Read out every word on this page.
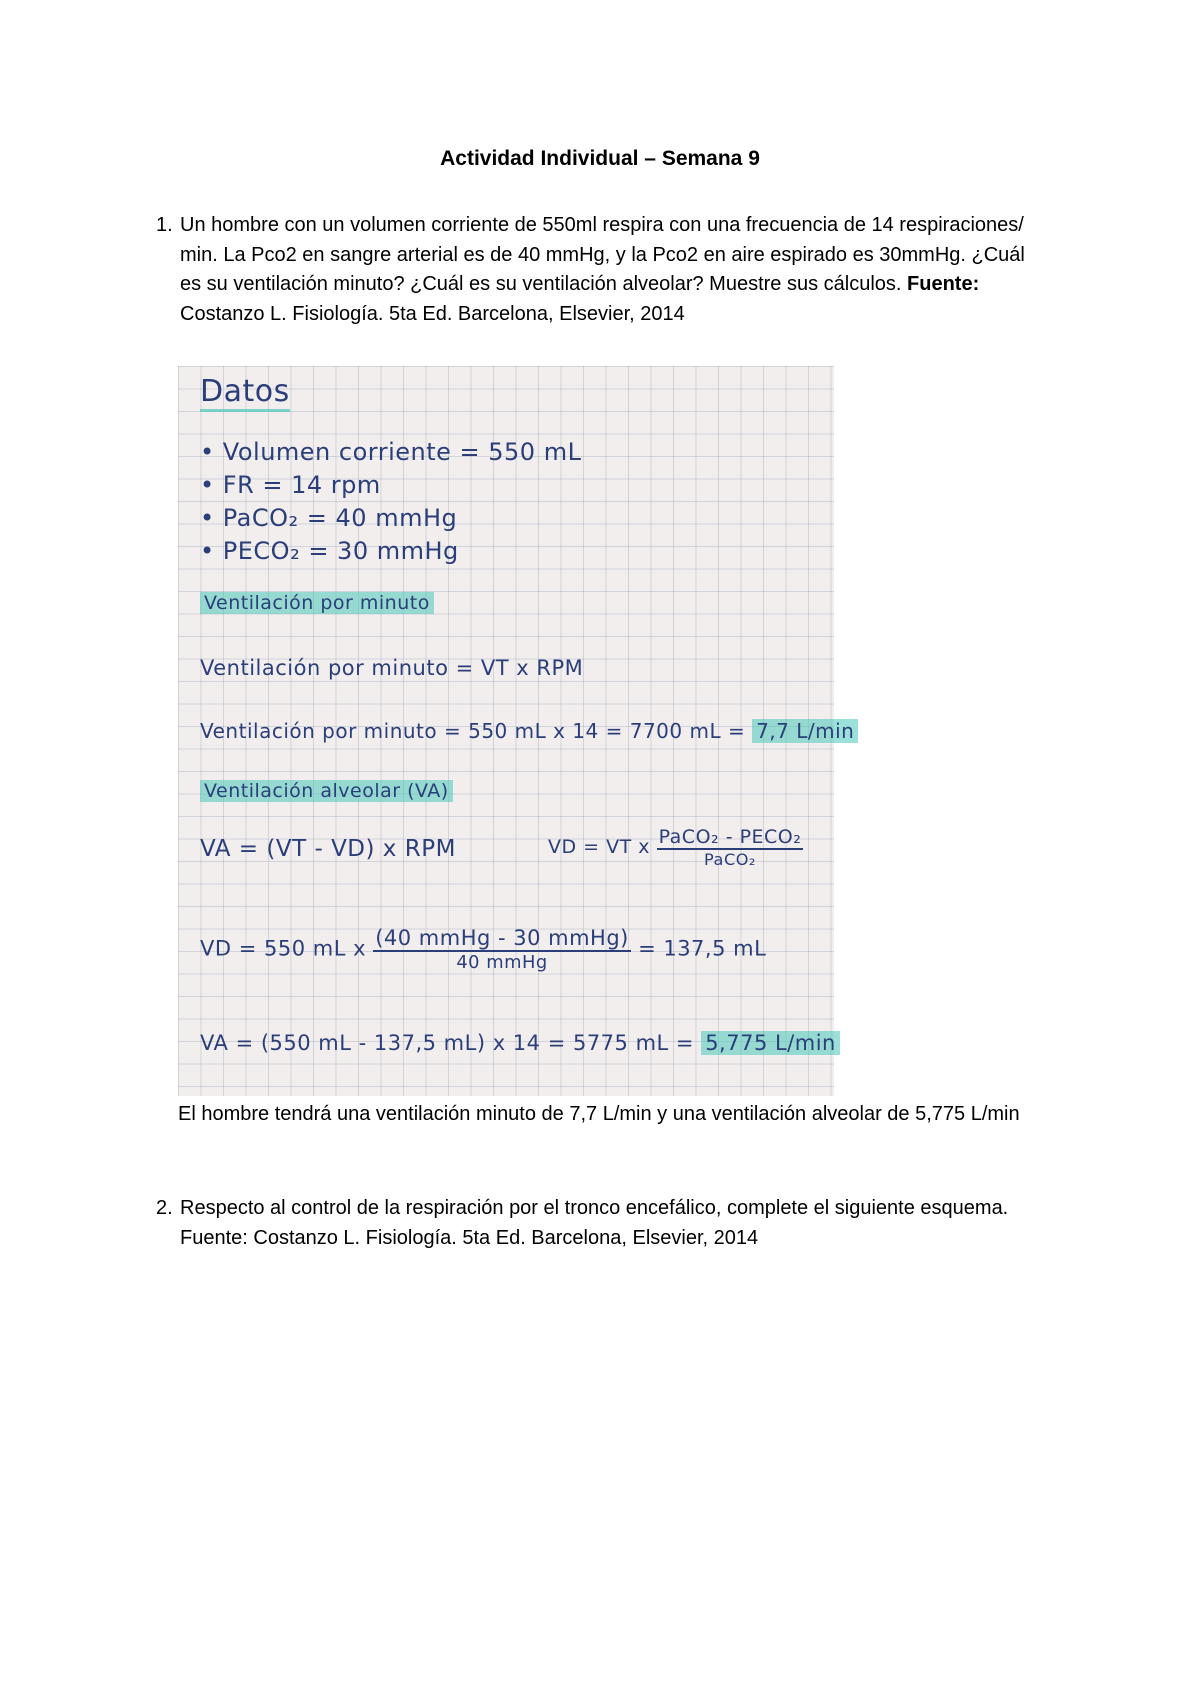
Actividad Individual – Semana 9
1. Un hombre con un volumen corriente de 550ml respira con una frecuencia de 14 respiraciones/ min. La Pco2 en sangre arterial es de 40 mmHg, y la Pco2 en aire espirado es 30mmHg. ¿Cuál es su ventilación minuto? ¿Cuál es su ventilación alveolar? Muestre sus cálculos. Fuente: Costanzo L. Fisiología. 5ta Ed. Barcelona, Elsevier, 2014
Datos
• Volumen corriente = 550 mL
• FR = 14 rpm
• PaCO₂ = 40 mmHg
• PECO₂ = 30 mmHg
Ventilación por minuto
Ventilación por minuto = VT x RPM
Ventilación por minuto = 550 mL x 14 = 7700 mL = 7,7 L/min
Ventilación alveolar (VA)
VA = (VT - VD) x RPM	VD = VT x $\frac{\text{PaCO₂ - PECO₂}}{\text{PaCO₂}}$
VD = 550 mL x $\frac{\text{(40 mmHg - 30 mmHg)}}{\text{40 mmHg}} = 137,5$ mL
VA = (550 mL - 137,5 mL) x 14 = 5775 mL = 5,775 L/min
El hombre tendrá una ventilación minuto de 7,7 L/min y una ventilación alveolar de 5,775 L/min
2. Respecto al control de la respiración por el tronco encefálico, complete el siguiente esquema. Fuente: Costanzo L. Fisiología. 5ta Ed. Barcelona, Elsevier, 2014
